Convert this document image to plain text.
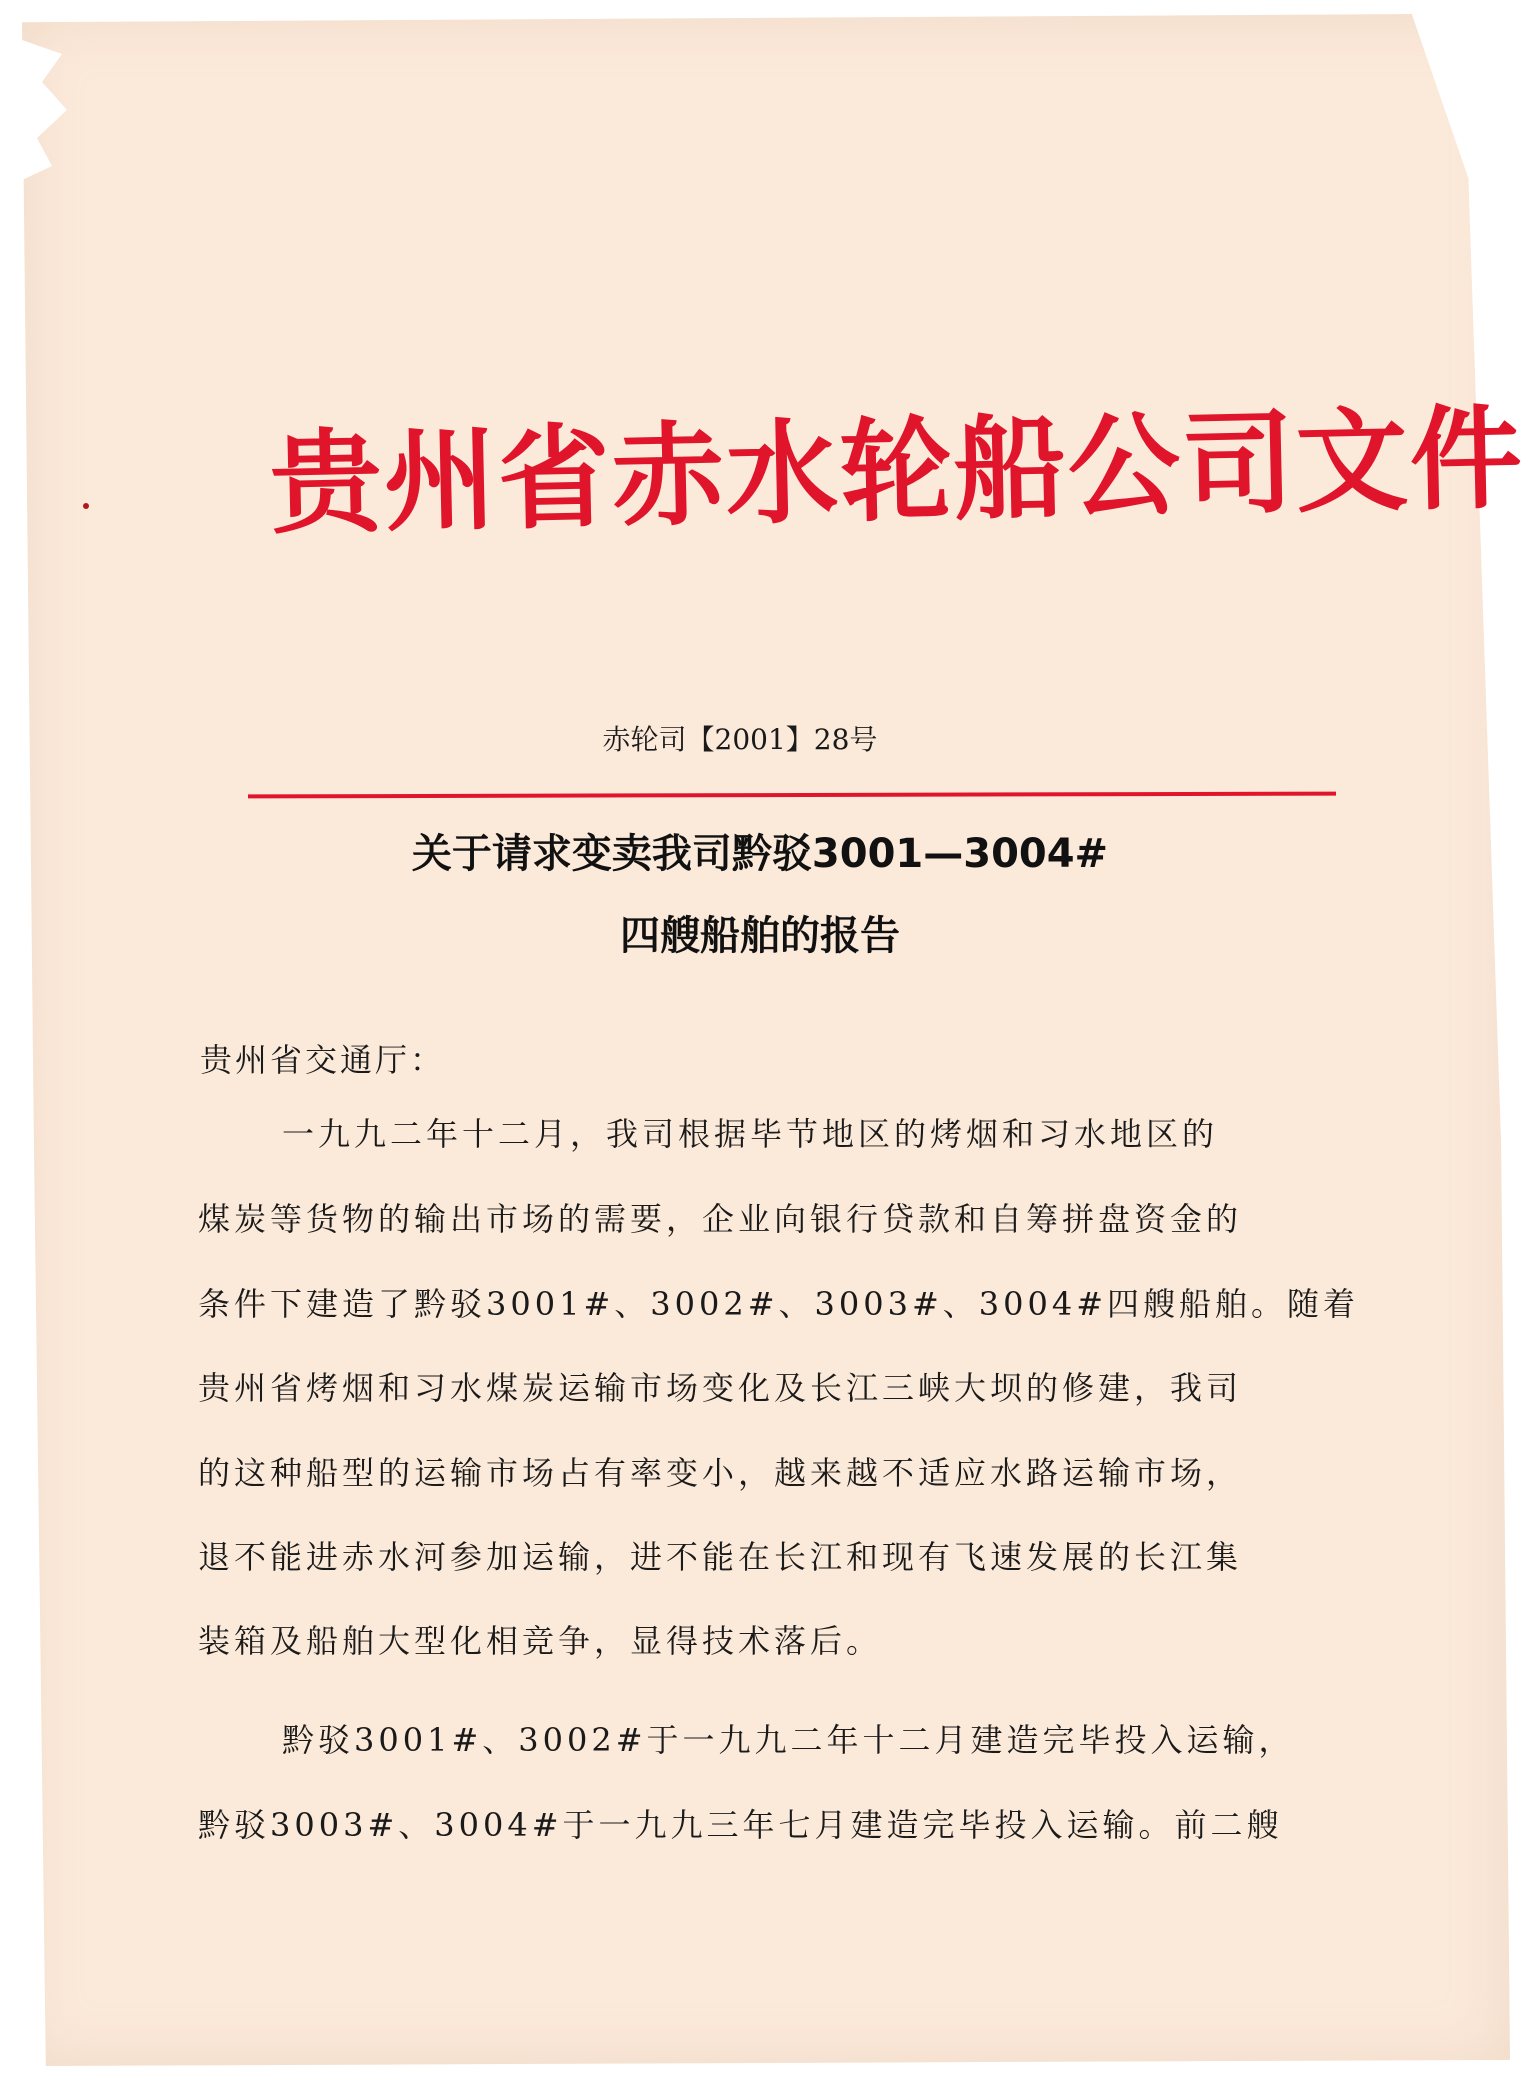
贵州省赤水轮船公司文件
赤轮司【2001】28号
关于请求变卖我司黔驳3001—3004#
四艘船舶的报告
贵州省交通厅：
一九九二年十二月，我司根据毕节地区的烤烟和习水地区的
煤炭等货物的输出市场的需要，企业向银行贷款和自筹拼盘资金的
条件下建造了黔驳3001#、3002#、3003#、3004#四艘船舶。随着
贵州省烤烟和习水煤炭运输市场变化及长江三峡大坝的修建，我司
的这种船型的运输市场占有率变小，越来越不适应水路运输市场，
退不能进赤水河参加运输，进不能在长江和现有飞速发展的长江集
装箱及船舶大型化相竞争，显得技术落后。
黔驳3001#、3002#于一九九二年十二月建造完毕投入运输，
黔驳3003#、3004#于一九九三年七月建造完毕投入运输。前二艘
